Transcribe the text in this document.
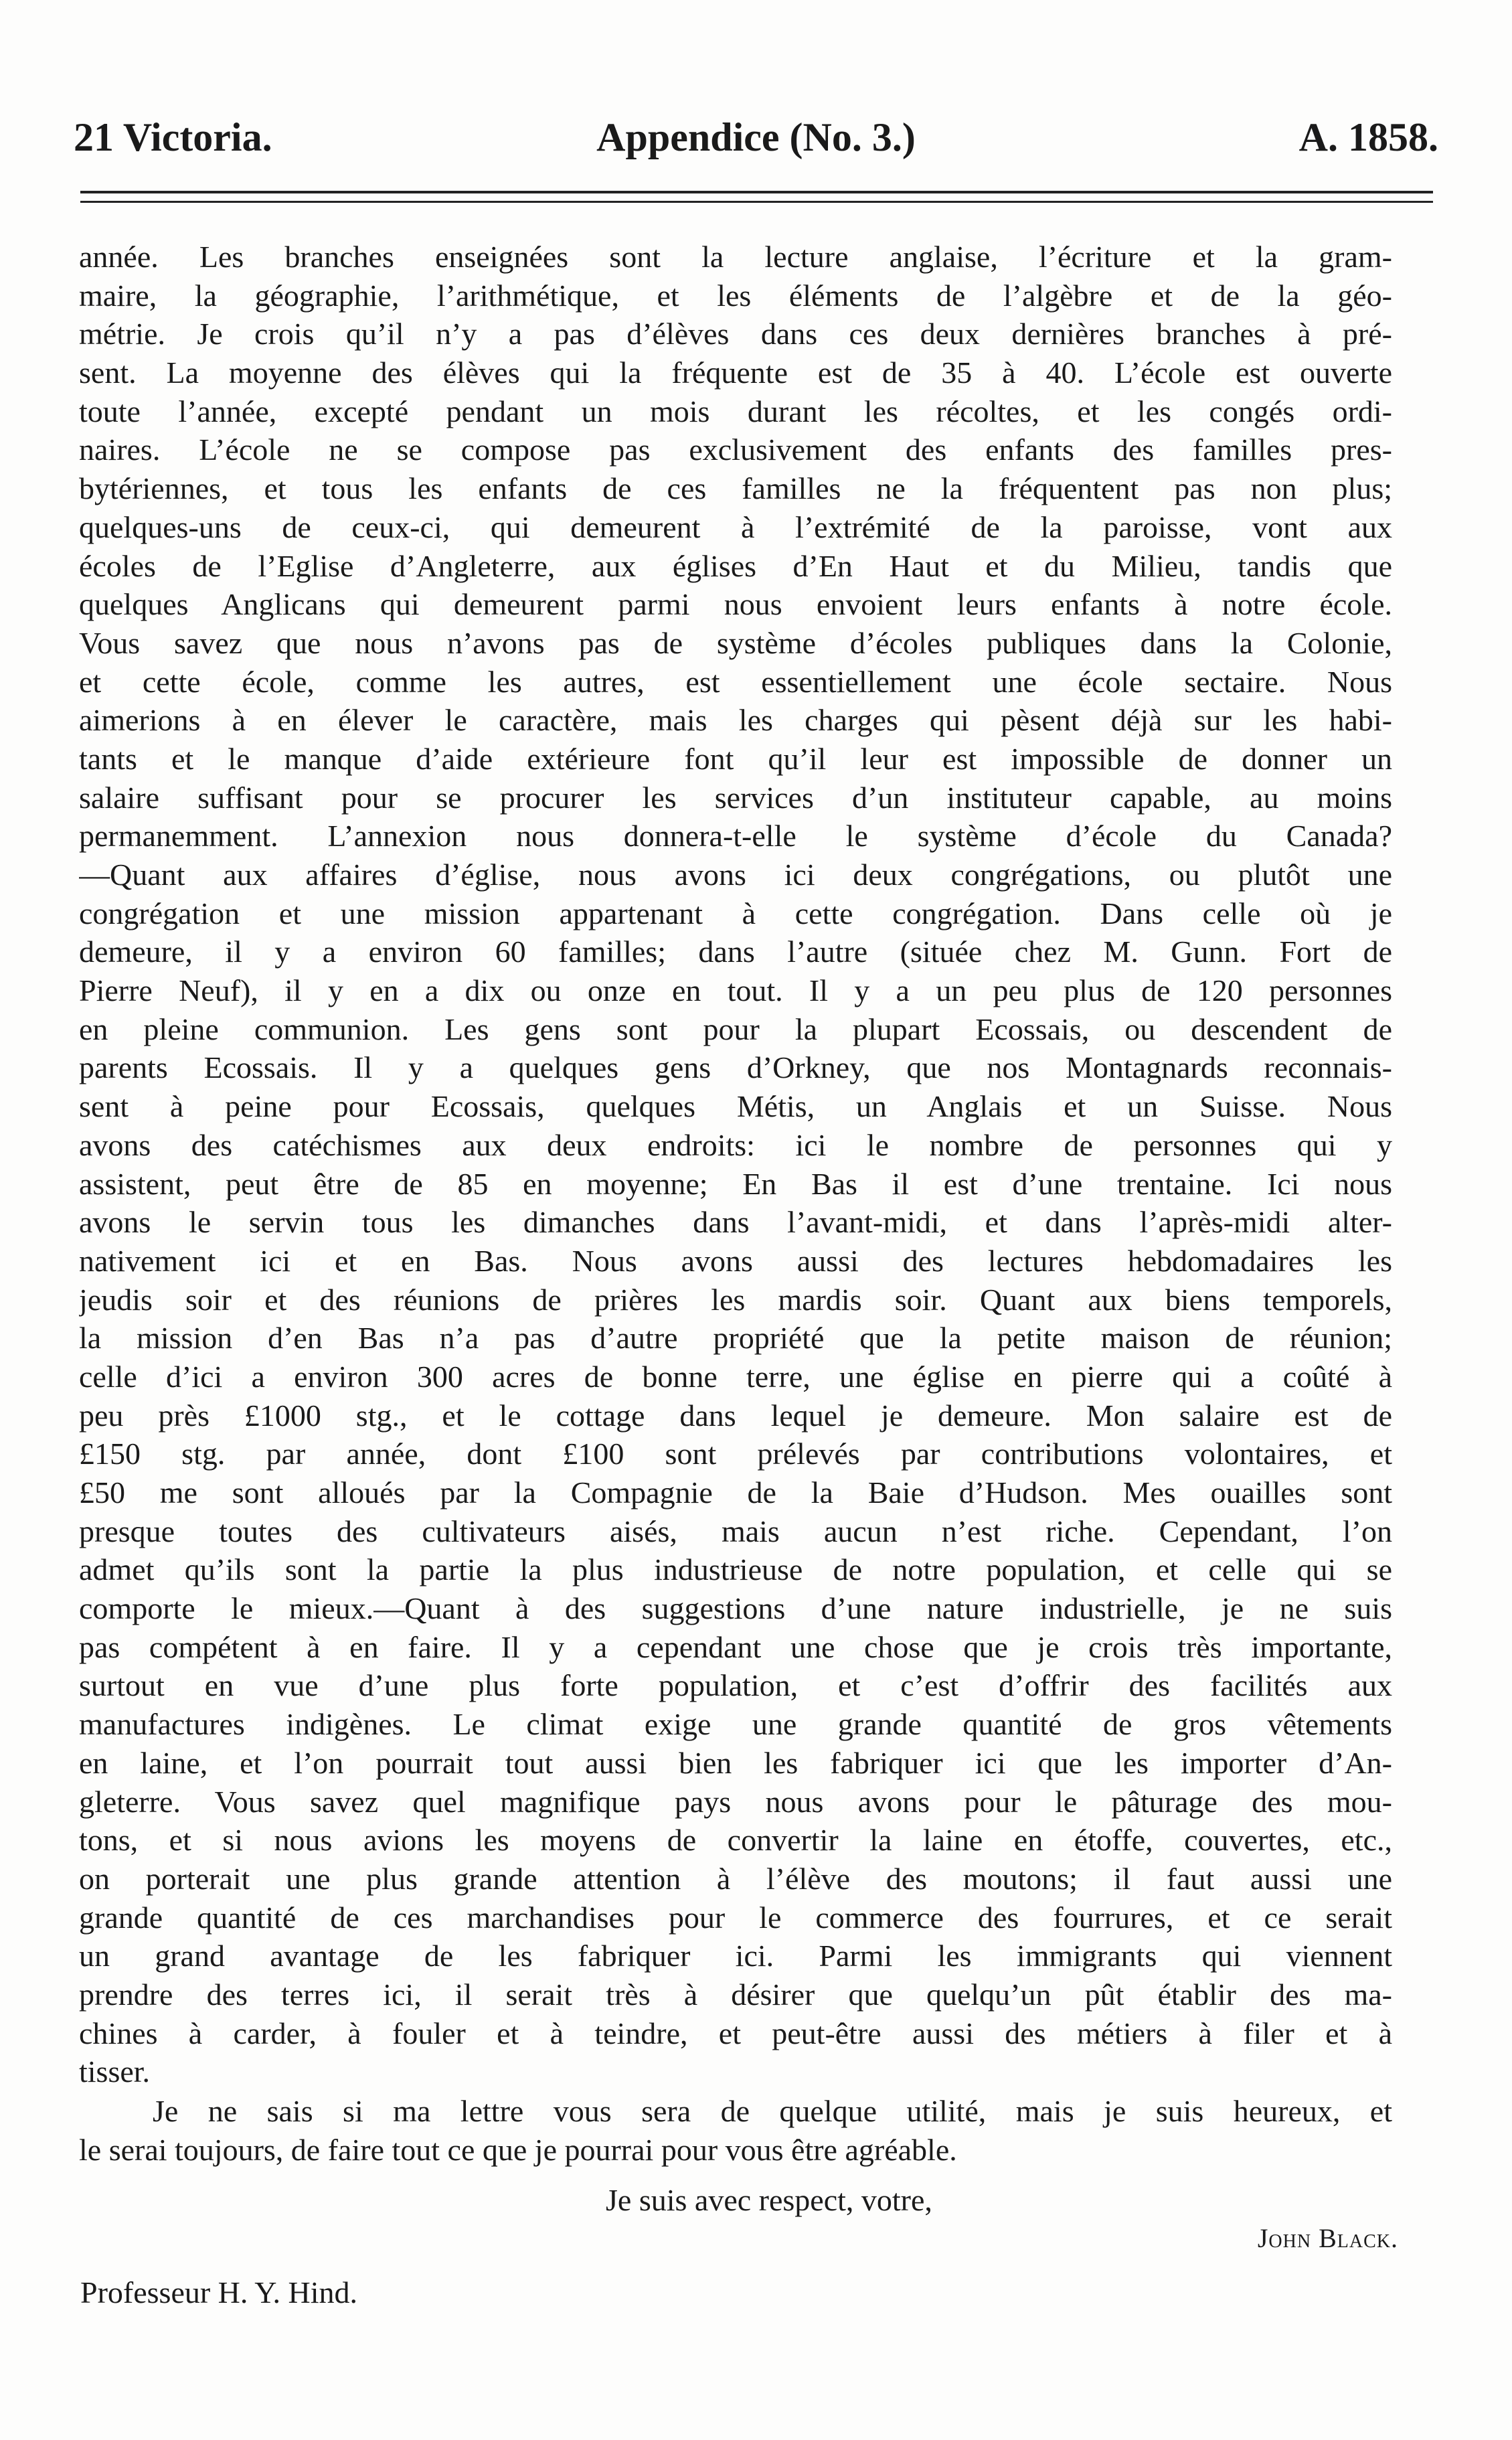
21 Victoria.	Appendice (No. 3.)	A. 1858.
année. Les branches enseignées sont la lecture anglaise, l’écriture et la gram-
maire, la géographie, l’arithmétique, et les éléments de l’algèbre et de la géo-
métrie. Je crois qu’il n’y a pas d’élèves dans ces deux dernières branches à pré-
sent. La moyenne des élèves qui la fréquente est de 35 à 40. L’école est ouverte
toute l’année, excepté pendant un mois durant les récoltes, et les congés ordi-
naires. L’école ne se compose pas exclusivement des enfants des familles pres-
bytériennes, et tous les enfants de ces familles ne la fréquentent pas non plus;
quelques-uns de ceux-ci, qui demeurent à l’extrémité de la paroisse, vont aux
écoles de l’Eglise d’Angleterre, aux églises d’En Haut et du Milieu, tandis que
quelques Anglicans qui demeurent parmi nous envoient leurs enfants à notre école.
Vous savez que nous n’avons pas de système d’écoles publiques dans la Colonie,
et cette école, comme les autres, est essentiellement une école sectaire. Nous
aimerions à en élever le caractère, mais les charges qui pèsent déjà sur les habi-
tants et le manque d’aide extérieure font qu’il leur est impossible de donner un
salaire suffisant pour se procurer les services d’un instituteur capable, au moins
permanemment. L’annexion nous donnera-t-elle le système d’école du Canada?
—Quant aux affaires d’église, nous avons ici deux congrégations, ou plutôt une
congrégation et une mission appartenant à cette congrégation. Dans celle où je
demeure, il y a environ 60 familles; dans l’autre (située chez M. Gunn. Fort de
Pierre Neuf), il y en a dix ou onze en tout. Il y a un peu plus de 120 personnes
en pleine communion. Les gens sont pour la plupart Ecossais, ou descendent de
parents Ecossais. Il y a quelques gens d’Orkney, que nos Montagnards reconnais-
sent à peine pour Ecossais, quelques Métis, un Anglais et un Suisse. Nous
avons des catéchismes aux deux endroits: ici le nombre de personnes qui y
assistent, peut être de 85 en moyenne; En Bas il est d’une trentaine. Ici nous
avons le servin tous les dimanches dans l’avant-midi, et dans l’après-midi alter-
nativement ici et en Bas. Nous avons aussi des lectures hebdomadaires les
jeudis soir et des réunions de prières les mardis soir. Quant aux biens temporels,
la mission d’en Bas n’a pas d’autre propriété que la petite maison de réunion;
celle d’ici a environ 300 acres de bonne terre, une église en pierre qui a coûté à
peu près £1000 stg., et le cottage dans lequel je demeure. Mon salaire est de
£150 stg. par année, dont £100 sont prélevés par contributions volontaires, et
£50 me sont alloués par la Compagnie de la Baie d’Hudson. Mes ouailles sont
presque toutes des cultivateurs aisés, mais aucun n’est riche. Cependant, l’on
admet qu’ils sont la partie la plus industrieuse de notre population, et celle qui se
comporte le mieux.—Quant à des suggestions d’une nature industrielle, je ne suis
pas compétent à en faire. Il y a cependant une chose que je crois très importante,
surtout en vue d’une plus forte population, et c’est d’offrir des facilités aux
manufactures indigènes. Le climat exige une grande quantité de gros vêtements
en laine, et l’on pourrait tout aussi bien les fabriquer ici que les importer d’An-
gleterre. Vous savez quel magnifique pays nous avons pour le pâturage des mou-
tons, et si nous avions les moyens de convertir la laine en étoffe, couvertes, etc.,
on porterait une plus grande attention à l’élève des moutons; il faut aussi une
grande quantité de ces marchandises pour le commerce des fourrures, et ce serait
un grand avantage de les fabriquer ici. Parmi les immigrants qui viennent
prendre des terres ici, il serait très à désirer que quelqu’un pût établir des ma-
chines à carder, à fouler et à teindre, et peut-être aussi des métiers à filer et à
tisser.
Je ne sais si ma lettre vous sera de quelque utilité, mais je suis heureux, et
le serai toujours, de faire tout ce que je pourrai pour vous être agréable.
Je suis avec respect, votre,
John Black.
Professeur H. Y. Hind.
